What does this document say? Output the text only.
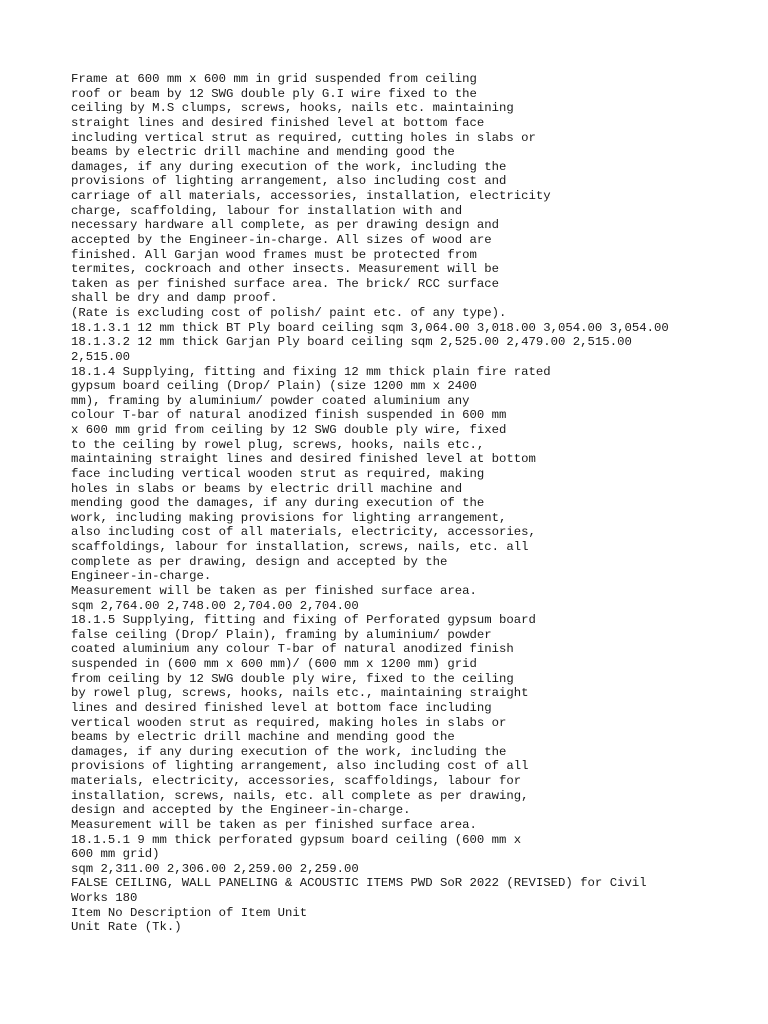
Frame at 600 mm x 600 mm in grid suspended from ceiling

roof or beam by 12 SWG double ply G.I wire fixed to the

ceiling by M.S clumps, screws, hooks, nails etc. maintaining

straight lines and desired finished level at bottom face

including vertical strut as required, cutting holes in slabs or

beams by electric drill machine and mending good the

damages, if any during execution of the work, including the

provisions of lighting arrangement, also including cost and

carriage of all materials, accessories, installation, electricity

charge, scaffolding, labour for installation with and

necessary hardware all complete, as per drawing design and

accepted by the Engineer-in-charge. All sizes of wood are

finished. All Garjan wood frames must be protected from

termites, cockroach and other insects. Measurement will be

taken as per finished surface area. The brick/ RCC surface

shall be dry and damp proof.

(Rate is excluding cost of polish/ paint etc. of any type).

18.1.3.1 12 mm thick BT Ply board ceiling sqm 3,064.00 3,018.00 3,054.00 3,054.00

18.1.3.2 12 mm thick Garjan Ply board ceiling sqm 2,525.00 2,479.00 2,515.00

2,515.00

18.1.4 Supplying, fitting and fixing 12 mm thick plain fire rated

gypsum board ceiling (Drop/ Plain) (size 1200 mm x 2400

mm), framing by aluminium/ powder coated aluminium any

colour T-bar of natural anodized finish suspended in 600 mm

x 600 mm grid from ceiling by 12 SWG double ply wire, fixed

to the ceiling by rowel plug, screws, hooks, nails etc.,

maintaining straight lines and desired finished level at bottom

face including vertical wooden strut as required, making

holes in slabs or beams by electric drill machine and

mending good the damages, if any during execution of the

work, including making provisions for lighting arrangement,

also including cost of all materials, electricity, accessories,

scaffoldings, labour for installation, screws, nails, etc. all

complete as per drawing, design and accepted by the

Engineer-in-charge.

Measurement will be taken as per finished surface area.

sqm 2,764.00 2,748.00 2,704.00 2,704.00

18.1.5 Supplying, fitting and fixing of Perforated gypsum board

false ceiling (Drop/ Plain), framing by aluminium/ powder

coated aluminium any colour T-bar of natural anodized finish

suspended in (600 mm x 600 mm)/ (600 mm x 1200 mm) grid

from ceiling by 12 SWG double ply wire, fixed to the ceiling

by rowel plug, screws, hooks, nails etc., maintaining straight

lines and desired finished level at bottom face including

vertical wooden strut as required, making holes in slabs or

beams by electric drill machine and mending good the

damages, if any during execution of the work, including the

provisions of lighting arrangement, also including cost of all

materials, electricity, accessories, scaffoldings, labour for

installation, screws, nails, etc. all complete as per drawing,

design and accepted by the Engineer-in-charge.

Measurement will be taken as per finished surface area.

18.1.5.1 9 mm thick perforated gypsum board ceiling (600 mm x

600 mm grid)

sqm 2,311.00 2,306.00 2,259.00 2,259.00

FALSE CEILING, WALL PANELING & ACOUSTIC ITEMS PWD SoR 2022 (REVISED) for Civil

Works 180

Item No Description of Item Unit

Unit Rate (Tk.)
